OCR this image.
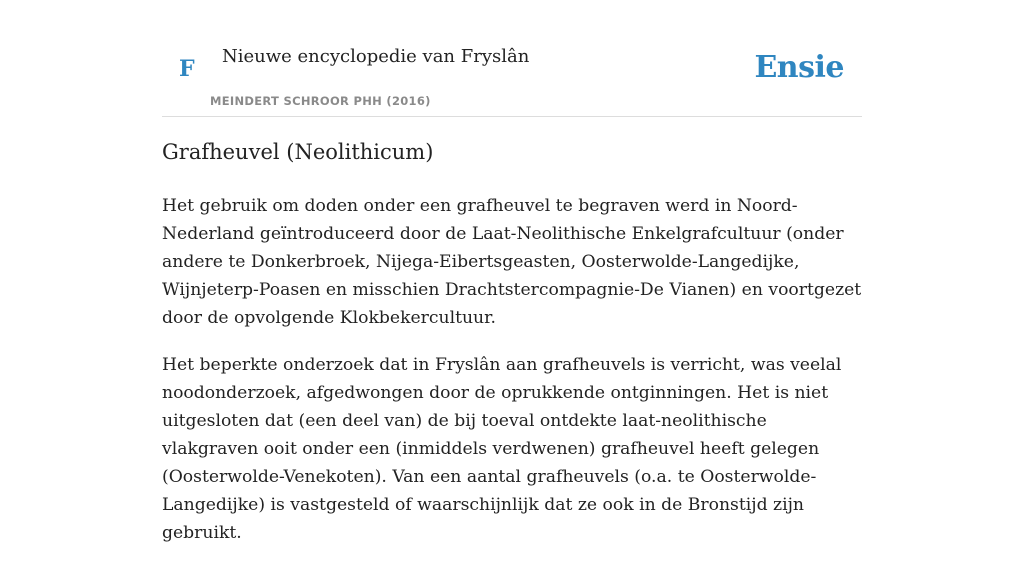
F Nieuwe encyclopedie van Fryslân
MEINDERT SCHROOR PHH (2016)
Ensie
Grafheuvel (Neolithicum)

Het gebruik om doden onder een grafheuvel te begraven werd in Noord-Nederland geïntroduceerd door de Laat-Neolithische Enkelgrafcultuur (onder andere te Donkerbroek, Nijega-Eibertsgeasten, Oosterwolde-Langedijke, Wijnjeterp-Poasen en misschien Drachtstercompagnie-De Vianen) en voortgezet door de opvolgende Klokbekercultuur.

Het beperkte onderzoek dat in Fryslân aan grafheuvels is verricht, was veelal noodonderzoek, afgedwongen door de oprukkende ontginningen. Het is niet uitgesloten dat (een deel van) de bij toeval ontdekte laat-neolithische vlakgraven ooit onder een (inmiddels verdwenen) grafheuvel heeft gelegen (Oosterwolde-Venekoten). Van een aantal grafheuvels (o.a. te Oosterwolde-Langedijke) is vastgesteld of waarschijnlijk dat ze ook in de Bronstijd zijn gebruikt.
